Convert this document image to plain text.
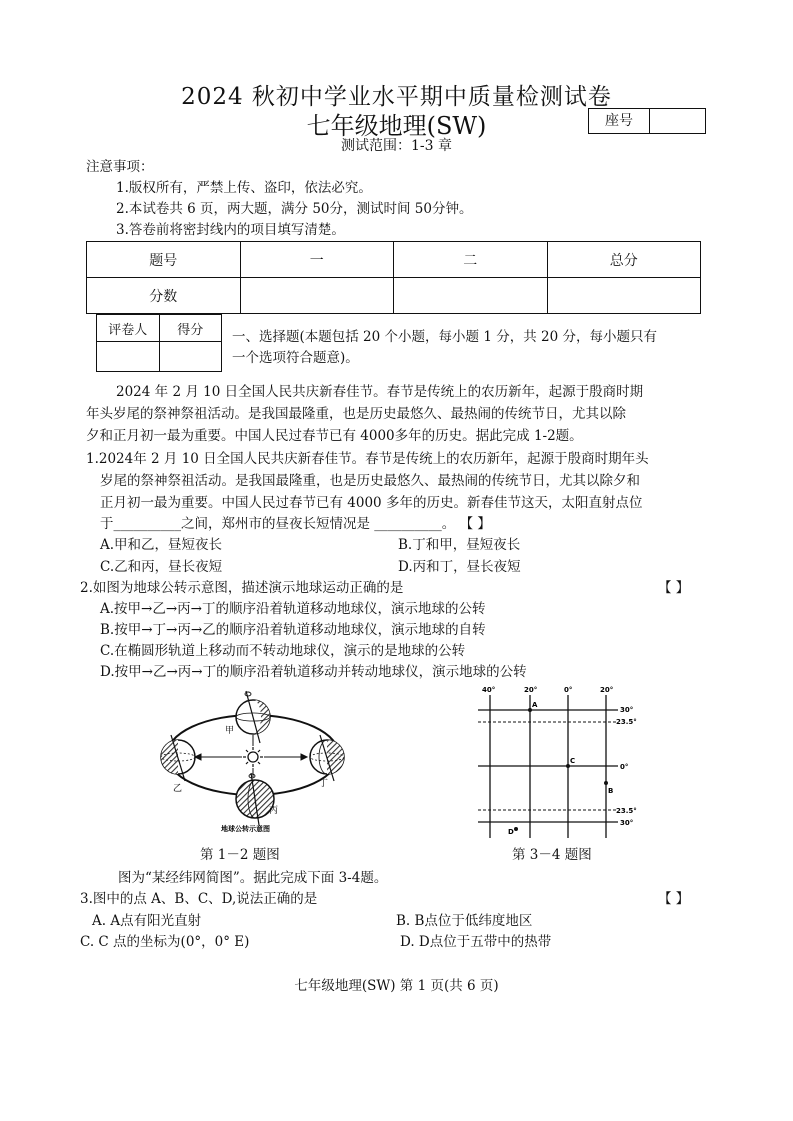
2024 秋初中学业水平期中质量检测试卷
七年级地理(SW)	座号
测试范围：1-3 章
注意事项：
1.版权所有，严禁上传、盗印，依法必究。
2.本试卷共 6 页，两大题，满分 50分，测试时间 50分钟。
3.答卷前将密封线内的项目填写清楚。
题号	一	二	总分
分数			
评卷人	得分
	一、选择题(本题包括 20 个小题，每小题 1 分，共 20 分，每小题只有
一个选项符合题意)。
2024 年 2 月 10 日全国人民共庆新春佳节。春节是传统上的农历新年，起源于殷商时期
年头岁尾的祭神祭祖活动。是我国最隆重，也是历史最悠久、最热闹的传统节日，尤其以除
夕和正月初一最为重要。中国人民过春节已有 4000多年的历史。据此完成 1-2题。
1.2024年 2 月 10 日全国人民共庆新春佳节。春节是传统上的农历新年，起源于殷商时期年头
岁尾的祭神祭祖活动。是我国最隆重，也是历史最悠久、最热闹的传统节日，尤其以除夕和
正月初一最为重要。中国人民过春节已有 4000 多年的历史。新春佳节这天，太阳直射点位
于__________之间，郑州市的昼夜长短情况是 __________。 【 】
A.甲和乙，昼短夜长	B.丁和甲，昼短夜长
C.乙和丙，昼长夜短	D.丙和丁，昼长夜短
2.如图为地球公转示意图，描述演示地球运动正确的是	【 】
A.按甲→乙→丙→丁的顺序沿着轨道移动地球仪，演示地球的公转
B.按甲→丁→丙→乙的顺序沿着轨道移动地球仪，演示地球的自转
C.在椭圆形轨道上移动而不转动地球仪，演示的是地球的公转
D.按甲→乙→丙→丁的顺序沿着轨道移动并转动地球仪，演示地球的公转
甲
乙	丁
丙
地球公转示意图
第 1－2 题图
40°	20°	0°	20°
30°
23.5°
0°
23.5°
30°
A
C
B
D
第 3－4 题图
图为“某经纬网简图”。据此完成下面 3-4题。
3.图中的点 A、B、C、D,说法正确的是	【 】
A. A点有阳光直射	B. B点位于低纬度地区
C. C 点的坐标为(0°，0° E)	D. D点位于五带中的热带
七年级地理(SW) 第 1 页(共 6 页)
